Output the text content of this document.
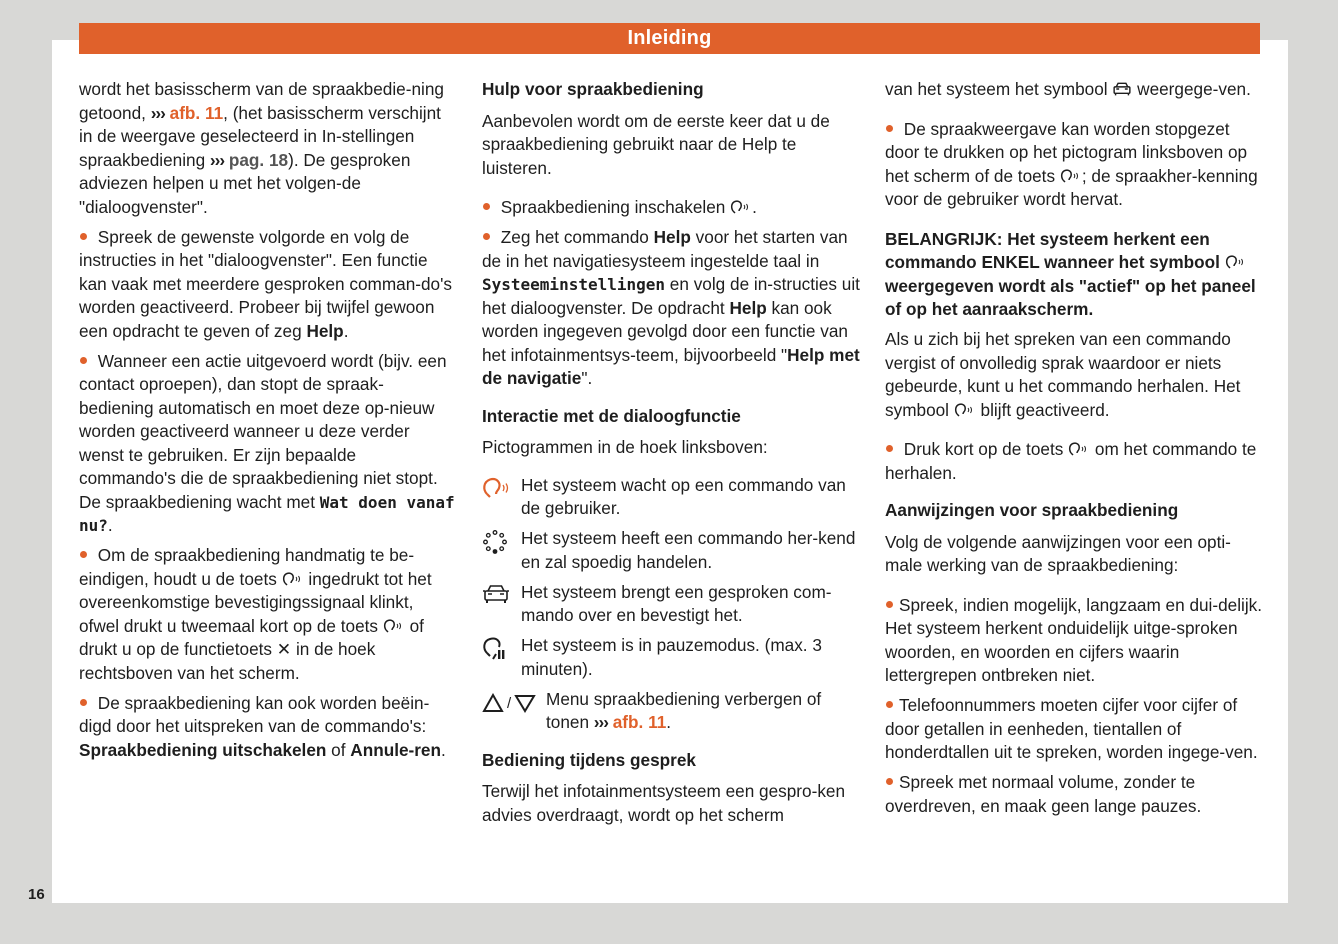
Inleiding

wordt het basisscherm van de spraakbedie-ning getoond, ››› afb. 11, (het basisscherm verschijnt in de weergave geselecteerd in In-stellingen spraakbediening ››› pag. 18). De gesproken adviezen helpen u met het volgen-de "dialoogvenster".

Spreek de gewenste volgorde en volg de instructies in het "dialoogvenster". Een functie kan vaak met meerdere gesproken comman-do's worden geactiveerd. Probeer bij twijfel gewoon een opdracht te geven of zeg Help.

Wanneer een actie uitgevoerd wordt (bijv. een contact oproepen), dan stopt de spraak-bediening automatisch en moet deze op-nieuw worden geactiveerd wanneer u deze verder wenst te gebruiken. Er zijn bepaalde commando's die de spraakbediening niet stopt. De spraakbediening wacht met Wat doen vanaf nu?.

Om de spraakbediening handmatig te be-eindigen, houdt u de toets  ingedrukt tot het overeenkomstige bevestigingssignaal klinkt, ofwel drukt u tweemaal kort op de toets  of drukt u op de functietoets ✕ in de hoek rechtsboven van het scherm.

De spraakbediening kan ook worden beëin-digd door het uitspreken van de commando's: Spraakbediening uitschakelen of Annule-ren.

Hulp voor spraakbediening

Aanbevolen wordt om de eerste keer dat u de spraakbediening gebruikt naar de Help te luisteren.

Spraakbediening inschakelen .

Zeg het commando Help voor het starten van de in het navigatiesysteem ingestelde taal in Systeeminstellingen en volg de in-structies uit het dialoogvenster. De opdracht Help kan ook worden ingegeven gevolgd door een functie van het infotainmentsys-teem, bijvoorbeeld "Help met de navigatie".

Interactie met de dialoogfunctie

Pictogrammen in de hoek linksboven:

Het systeem wacht op een commando van de gebruiker.
Het systeem heeft een commando her-kend en zal spoedig handelen.
Het systeem brengt een gesproken com-mando over en bevestigt het.
Het systeem is in pauzemodus. (max. 3 minuten).
/ Menu spraakbediening verbergen of tonen ››› afb. 11.
Bediening tijdens gesprek

Terwijl het infotainmentsysteem een gespro-ken advies overdraagt, wordt op het scherm

van het systeem het symbool  weergege-ven.

De spraakweergave kan worden stopgezet door te drukken op het pictogram linksboven op het scherm of de toets ; de spraakher-kenning voor de gebruiker wordt hervat.

BELANGRIJK: Het systeem herkent een commando ENKEL wanneer het symbool  weergegeven wordt als "actief" op het paneel of op het aanraakscherm.

Als u zich bij het spreken van een commando vergist of onvolledig sprak waardoor er niets gebeurde, kunt u het commando herhalen. Het symbool  blijft geactiveerd.

Druk kort op de toets  om het commando te herhalen.

Aanwijzingen voor spraakbediening

Volg de volgende aanwijzingen voor een opti-male werking van de spraakbediening:

Spreek, indien mogelijk, langzaam en dui-delijk. Het systeem herkent onduidelijk uitge-sproken woorden, en woorden en cijfers waarin lettergrepen ontbreken niet.

Telefoonnummers moeten cijfer voor cijfer of door getallen in eenheden, tientallen of honderdtallen uit te spreken, worden ingege-ven.

Spreek met normaal volume, zonder te overdreven, en maak geen lange pauzes.

16
